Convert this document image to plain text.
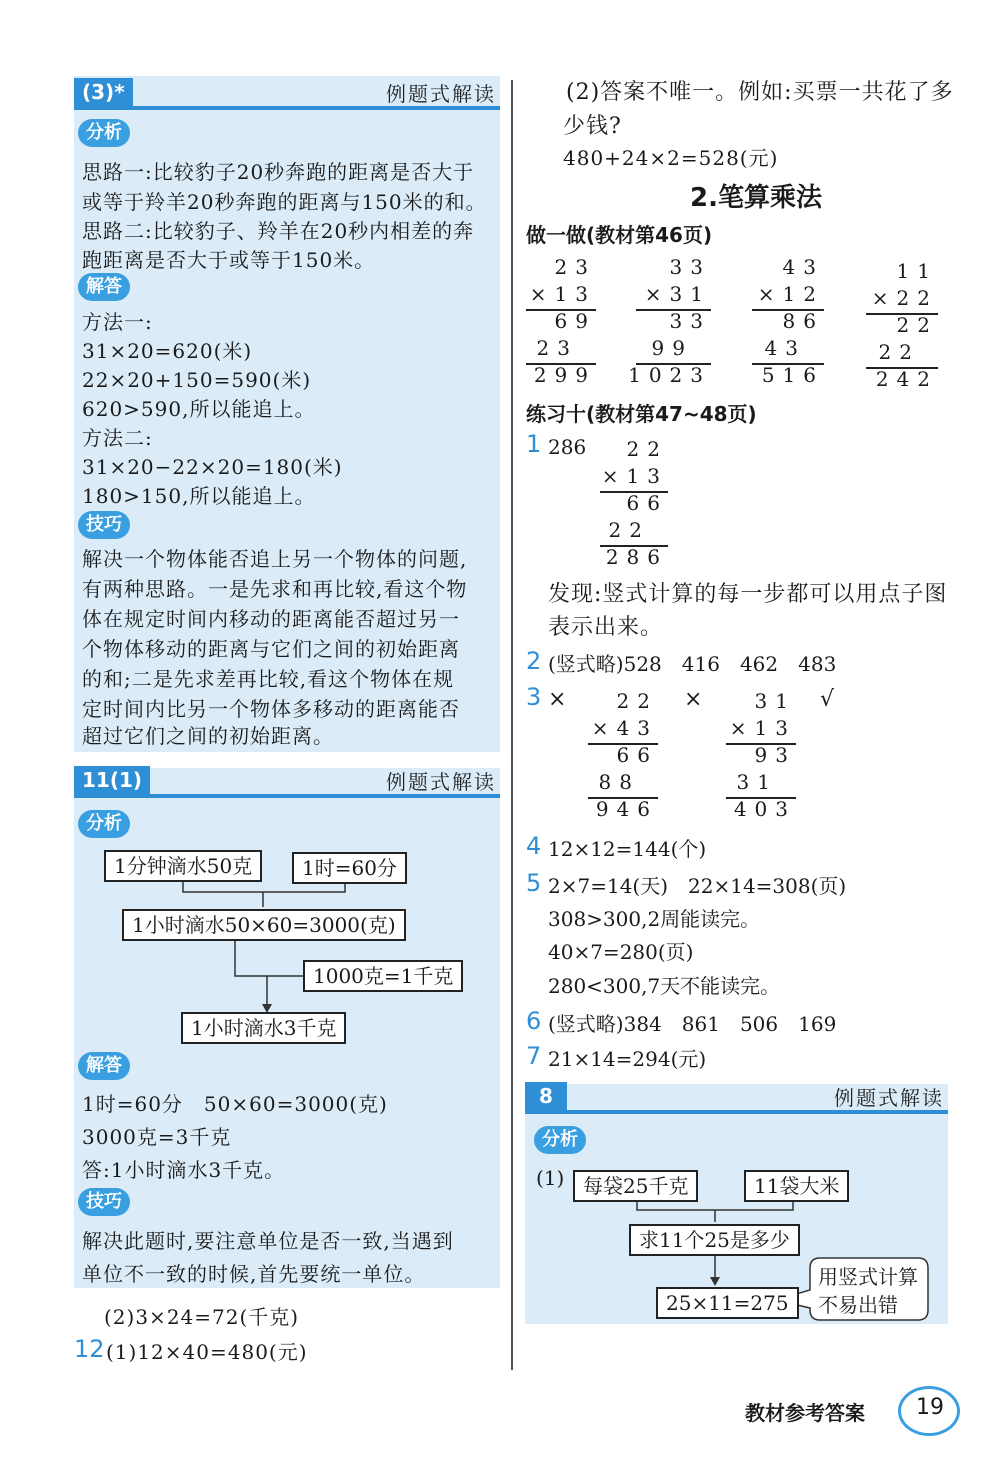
(3)*	例题式解读
分析
思路一:比较豹子20秒奔跑的距离是否大于
或等于羚羊20秒奔跑的距离与150米的和。
思路二:比较豹子、羚羊在20秒内相差的奔
跑距离是否大于或等于150米。
解答
方法一:
31×20=620(米)
22×20+150=590(米)
620>590,所以能追上。
方法二:
31×20−22×20=180(米)
180>150,所以能追上。
技巧
解决一个物体能否追上另一个物体的问题,
有两种思路。一是先求和再比较,看这个物
体在规定时间内移动的距离能否超过另一
个物体移动的距离与它们之间的初始距离
的和;二是先求差再比较,看这个物体在规
定时间内比另一个物体多移动的距离能否
超过它们之间的初始距离。
11(1)	例题式解读
分析
1分钟滴水50克	1时=60分
1小时滴水50×60=3000(克)
1000克=1千克
1小时滴水3千克
解答
1时=60分　50×60=3000(克)
3000克=3千克
答:1小时滴水3千克。
技巧
解决此题时,要注意单位是否一致,当遇到
单位不一致的时候,首先要统一单位。
(2)3×24=72(千克)
12 (1)12×40=480(元)
(2)答案不唯一。例如:买票一共花了多
少钱?
480+24×2=528(元)
2.笔算乘法
做一做(教材第46页)
23
×13
69
23
299
33
×31
33
99
1023
43
×12
86
43
516
11
×22
22
22
242
练习十(教材第47~48页)
1 286 22
×13
66
22
286
发现:竖式计算的每一步都可以用点子图
表示出来。
2 (竖式略)528　416　462　483
3 ×	×	√
22
×43
66
88
946
31
×13
93
31
403
4 12×12=144(个)
5 2×7=14(天)　22×14=308(页)
308>300,2周能读完。
40×7=280(页)
280<300,7天不能读完。
6 (竖式略)384　861　506　169
7 21×14=294(元)
8	例题式解读
分析
(1) 每袋25千克	11袋大米
求11个25是多少
25×11=275
用竖式计算
不易出错
教材参考答案 19
